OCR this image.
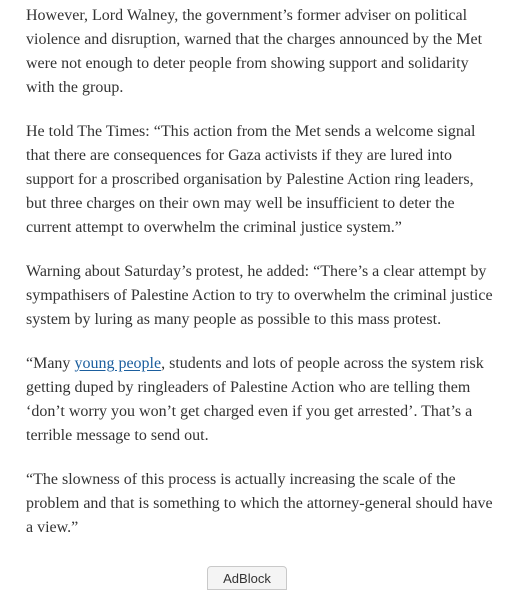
However, Lord Walney, the government’s former adviser on political violence and disruption, warned that the charges announced by the Met were not enough to deter people from showing support and solidarity with the group.

He told The Times: “This action from the Met sends a welcome signal that there are consequences for Gaza activists if they are lured into support for a proscribed organisation by Palestine Action ring leaders, but three charges on their own may well be insufficient to deter the current attempt to overwhelm the criminal justice system.”

Warning about Saturday’s protest, he added: “There’s a clear attempt by sympathisers of Palestine Action to try to overwhelm the criminal justice system by luring as many people as possible to this mass protest.

“Many young people, students and lots of people across the system risk getting duped by ringleaders of Palestine Action who are telling them ‘don’t worry you won’t get charged even if you get arrested’. That’s a terrible message to send out.

“The slowness of this process is actually increasing the scale of the problem and that is something to which the attorney-general should have a view.”

AdBlock
